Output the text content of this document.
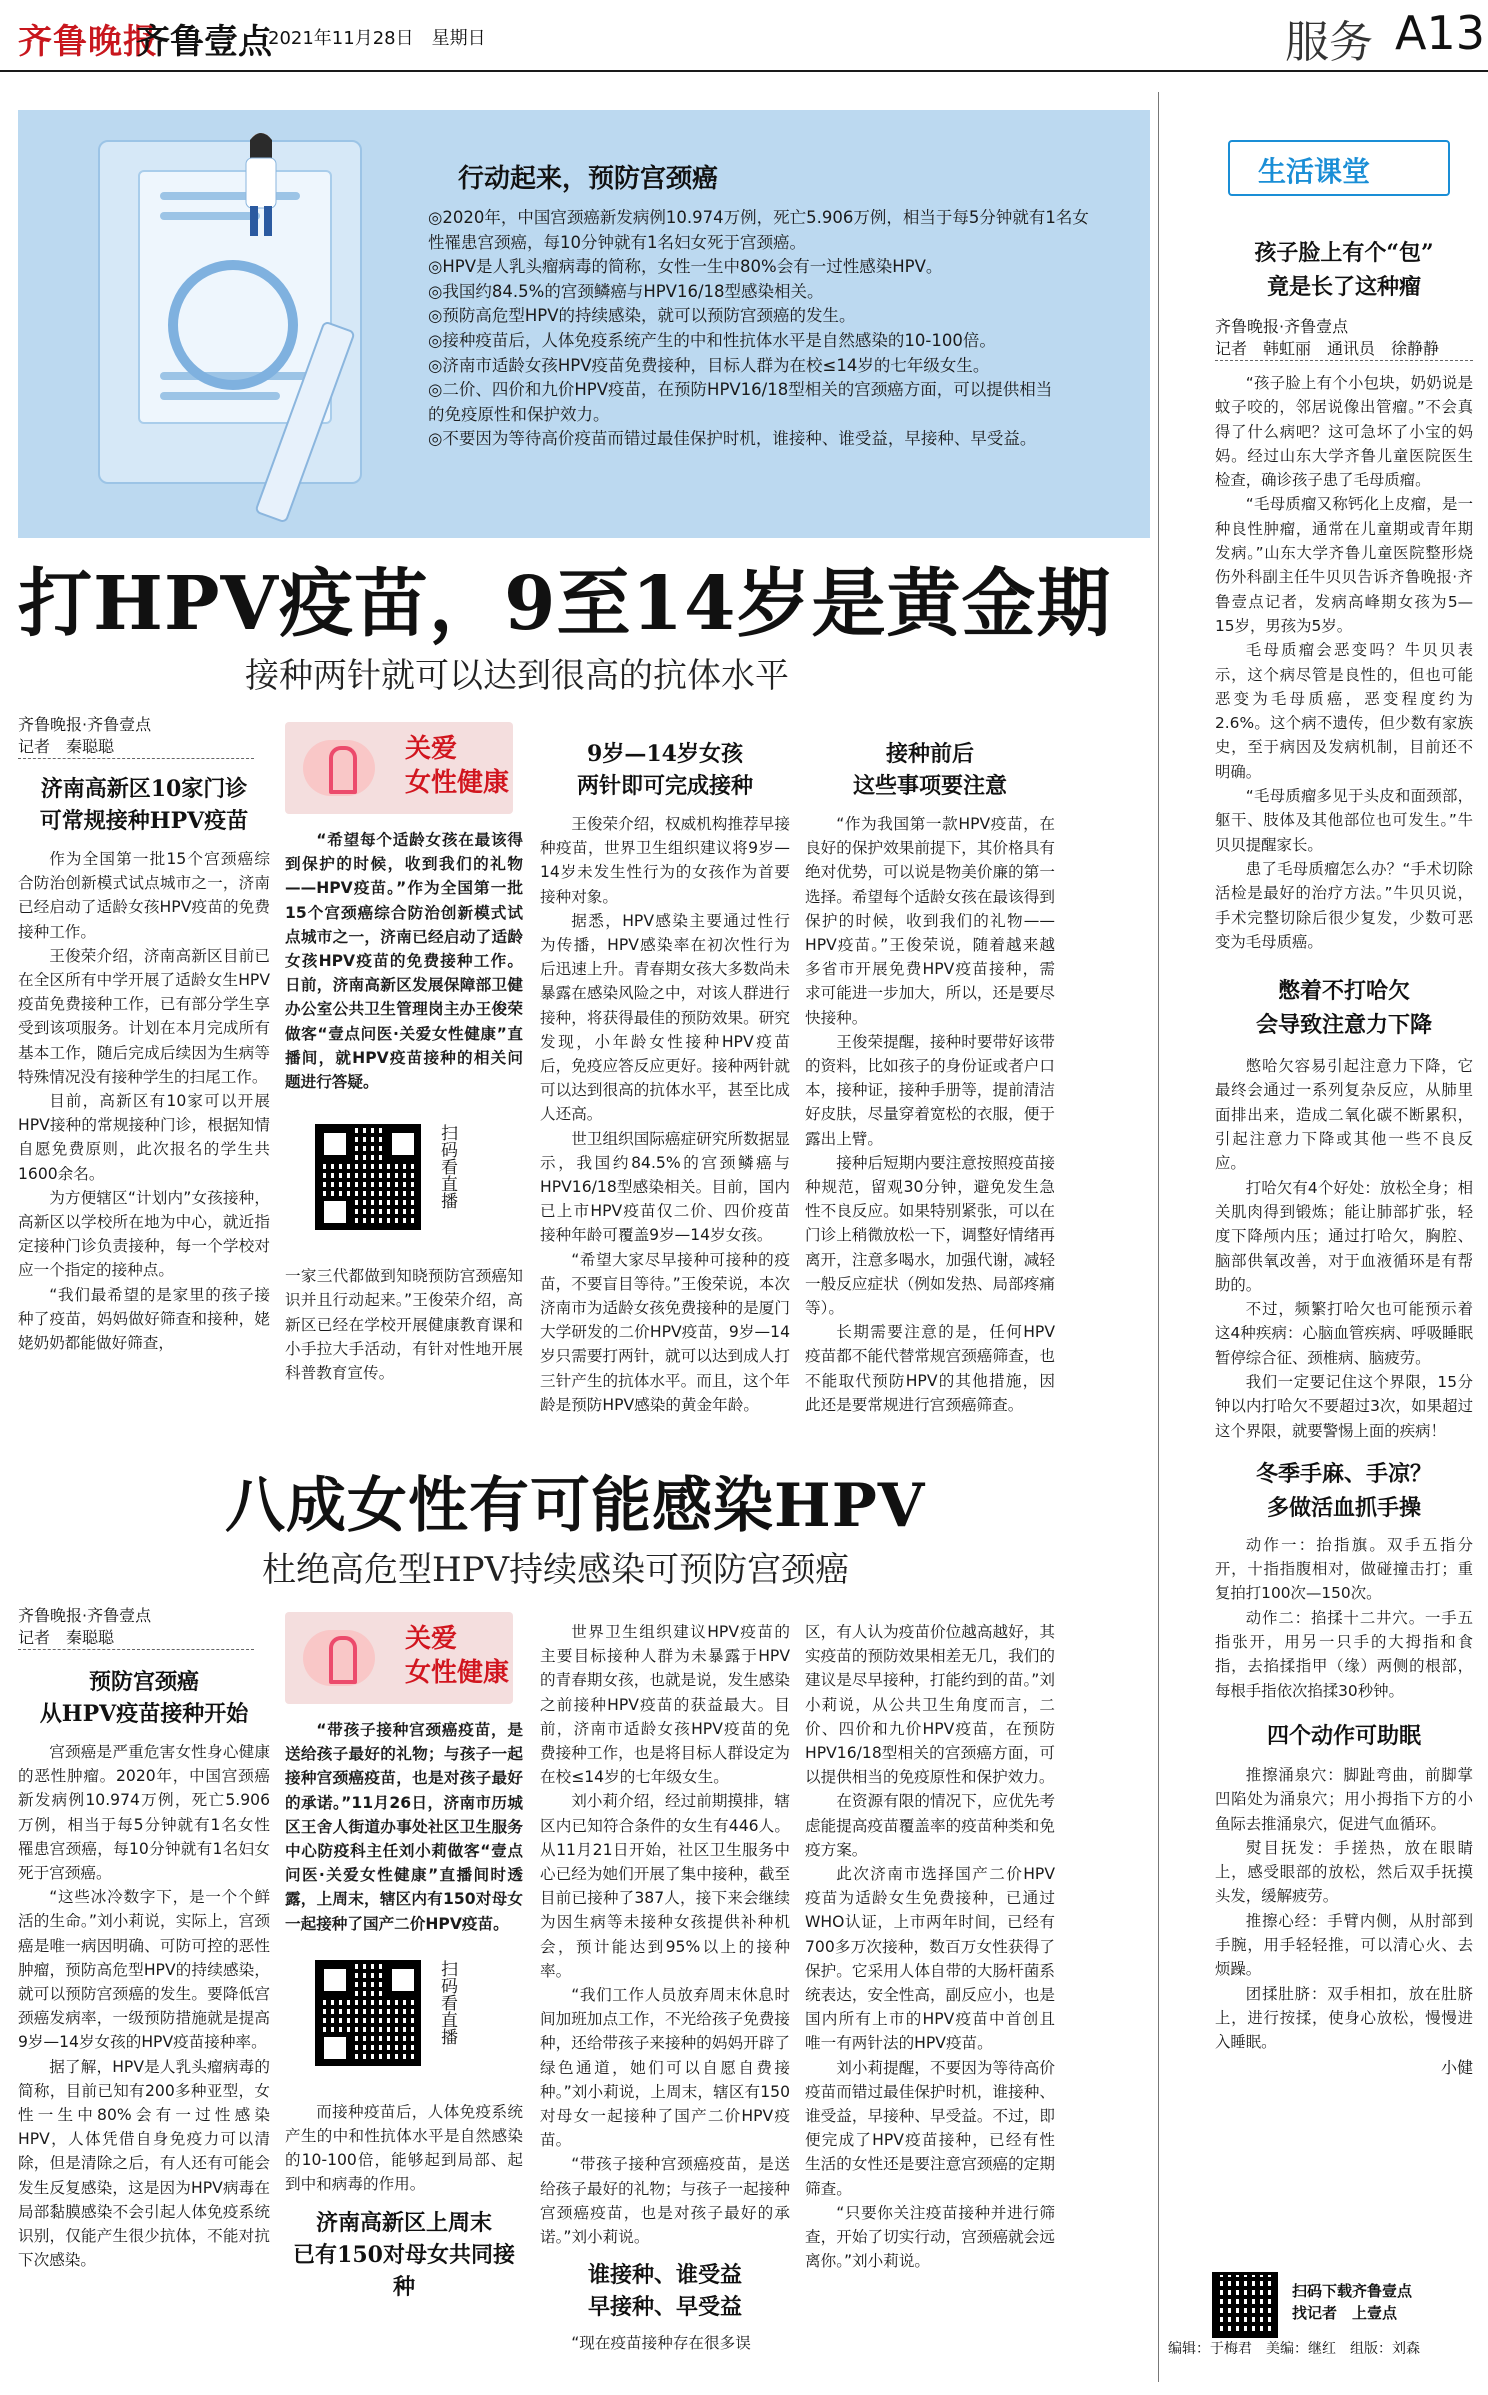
齐鲁晚报
齐鲁壹点
2021年11月28日　星期日	服务 A13
行动起来，预防宫颈癌
◎2020年，中国宫颈癌新发病例10.974万例，死亡5.906万例，相当于每5分钟就有1名女
性罹患宫颈癌，每10分钟就有1名妇女死于宫颈癌。
◎HPV是人乳头瘤病毒的简称，女性一生中80%会有一过性感染HPV。
◎我国约84.5%的宫颈鳞癌与HPV16/18型感染相关。
◎预防高危型HPV的持续感染，就可以预防宫颈癌的发生。
◎接种疫苗后，人体免疫系统产生的中和性抗体水平是自然感染的10-100倍。
◎济南市适龄女孩HPV疫苗免费接种，目标人群为在校≤14岁的七年级女生。
◎二价、四价和九价HPV疫苗，在预防HPV16/18型相关的宫颈癌方面，可以提供相当
的免疫原性和保护效力。
◎不要因为等待高价疫苗而错过最佳保护时机，谁接种、谁受益，早接种、早受益。
打HPV疫苗，9至14岁是黄金期
接种两针就可以达到很高的抗体水平
齐鲁晚报·齐鲁壹点
记者　秦聪聪
济南高新区10家门诊
可常规接种HPV疫苗
作为全国第一批15个宫颈癌综合防治创新模式试点城市之一，济南已经启动了适龄女孩HPV疫苗的免费接种工作。
王俊荣介绍，济南高新区目前已在全区所有中学开展了适龄女生HPV疫苗免费接种工作，已有部分学生享受到该项服务。计划在本月完成所有基本工作，随后完成后续因为生病等特殊情况没有接种学生的扫尾工作。
目前，高新区有10家可以开展HPV接种的常规接种门诊，根据知情自愿免费原则，此次报名的学生共1600余名。
为方便辖区“计划内”女孩接种，高新区以学校所在地为中心，就近指定接种门诊负责接种，每一个学校对应一个指定的接种点。
“我们最希望的是家里的孩子接种了疫苗，妈妈做好筛查和接种，姥姥奶奶都能做好筛查，
关爱
女性健康
“希望每个适龄女孩在最该得到保护的时候，收到我们的礼物——HPV疫苗。”作为全国第一批15个宫颈癌综合防治创新模式试点城市之一，济南已经启动了适龄女孩HPV疫苗的免费接种工作。日前，济南高新区发展保障部卫健办公室公共卫生管理岗主办王俊荣做客“壹点问医·关爱女性健康”直播间，就HPV疫苗接种的相关问题进行答疑。
扫码看直播
一家三代都做到知晓预防宫颈癌知识并且行动起来。”王俊荣介绍，高新区已经在学校开展健康教育课和小手拉大手活动，有针对性地开展科普教育宣传。
9岁—14岁女孩
两针即可完成接种
王俊荣介绍，权威机构推荐早接种疫苗，世界卫生组织建议将9岁—14岁未发生性行为的女孩作为首要接种对象。
据悉，HPV感染主要通过性行为传播，HPV感染率在初次性行为后迅速上升。青春期女孩大多数尚未暴露在感染风险之中，对该人群进行接种，将获得最佳的预防效果。研究发现，小年龄女性接种HPV疫苗后，免疫应答反应更好。接种两针就可以达到很高的抗体水平，甚至比成人还高。
世卫组织国际癌症研究所数据显示，我国约84.5%的宫颈鳞癌与HPV16/18型感染相关。目前，国内已上市HPV疫苗仅二价、四价疫苗接种年龄可覆盖9岁—14岁女孩。
“希望大家尽早接种可接种的疫苗，不要盲目等待。”王俊荣说，本次济南市为适龄女孩免费接种的是厦门大学研发的二价HPV疫苗，9岁—14岁只需要打两针，就可以达到成人打三针产生的抗体水平。而且，这个年龄是预防HPV感染的黄金年龄。
接种前后
这些事项要注意
“作为我国第一款HPV疫苗，在良好的保护效果前提下，其价格具有绝对优势，可以说是物美价廉的第一选择。希望每个适龄女孩在最该得到保护的时候，收到我们的礼物——HPV疫苗。”王俊荣说，随着越来越多省市开展免费HPV疫苗接种，需求可能进一步加大，所以，还是要尽快接种。
王俊荣提醒，接种时要带好该带的资料，比如孩子的身份证或者户口本，接种证，接种手册等，提前清洁好皮肤，尽量穿着宽松的衣服，便于露出上臂。
接种后短期内要注意按照疫苗接种规范，留观30分钟，避免发生急性不良反应。如果特别紧张，可以在门诊上稍微放松一下，调整好情绪再离开，注意多喝水，加强代谢，减轻一般反应症状（例如发热、局部疼痛等）。
长期需要注意的是，任何HPV疫苗都不能代替常规宫颈癌筛查，也不能取代预防HPV的其他措施，因此还是要常规进行宫颈癌筛查。
八成女性有可能感染HPV
杜绝高危型HPV持续感染可预防宫颈癌
齐鲁晚报·齐鲁壹点
记者　秦聪聪
预防宫颈癌
从HPV疫苗接种开始
宫颈癌是严重危害女性身心健康的恶性肿瘤。2020年，中国宫颈癌新发病例10.974万例，死亡5.906万例，相当于每5分钟就有1名女性罹患宫颈癌，每10分钟就有1名妇女死于宫颈癌。
“这些冰冷数字下，是一个个鲜活的生命。”刘小莉说，实际上，宫颈癌是唯一病因明确、可防可控的恶性肿瘤，预防高危型HPV的持续感染，就可以预防宫颈癌的发生。要降低宫颈癌发病率，一级预防措施就是提高9岁—14岁女孩的HPV疫苗接种率。
据了解，HPV是人乳头瘤病毒的简称，目前已知有200多种亚型，女性一生中80%会有一过性感染HPV，人体凭借自身免疫力可以清除，但是清除之后，有人还有可能会发生反复感染，这是因为HPV病毒在局部黏膜感染不会引起人体免疫系统识别，仅能产生很少抗体，不能对抗下次感染。
关爱
女性健康
“带孩子接种宫颈癌疫苗，是送给孩子最好的礼物；与孩子一起接种宫颈癌疫苗，也是对孩子最好的承诺。”11月26日，济南市历城区王舍人街道办事处社区卫生服务中心防疫科主任刘小莉做客“壹点问医·关爱女性健康”直播间时透露，上周末，辖区内有150对母女一起接种了国产二价HPV疫苗。
扫码看直播
而接种疫苗后，人体免疫系统产生的中和性抗体水平是自然感染的10-100倍，能够起到局部、起到中和病毒的作用。
济南高新区上周末
已有150对母女共同接种
世界卫生组织建议HPV疫苗的主要目标接种人群为未暴露于HPV的青春期女孩，也就是说，发生感染之前接种HPV疫苗的获益最大。目前，济南市适龄女孩HPV疫苗的免费接种工作，也是将目标人群设定为在校≤14岁的七年级女生。
刘小莉介绍，经过前期摸排，辖区内已知符合条件的女生有446人。从11月21日开始，社区卫生服务中心已经为她们开展了集中接种，截至目前已接种了387人，接下来会继续为因生病等未接种女孩提供补种机会，预计能达到95%以上的接种率。
“我们工作人员放弃周末休息时间加班加点工作，不光给孩子免费接种，还给带孩子来接种的妈妈开辟了绿色通道，她们可以自愿自费接种。”刘小莉说，上周末，辖区有150对母女一起接种了国产二价HPV疫苗。
“带孩子接种宫颈癌疫苗，是送给孩子最好的礼物；与孩子一起接种宫颈癌疫苗，也是对孩子最好的承诺。”刘小莉说。
谁接种、谁受益
早接种、早受益
“现在疫苗接种存在很多误
区，有人认为疫苗价位越高越好，其实疫苗的预防效果相差无几，我们的建议是尽早接种，打能约到的苗。”刘小莉说，从公共卫生角度而言，二价、四价和九价HPV疫苗，在预防HPV16/18型相关的宫颈癌方面，可以提供相当的免疫原性和保护效力。
在资源有限的情况下，应优先考虑能提高疫苗覆盖率的疫苗种类和免疫方案。
此次济南市选择国产二价HPV疫苗为适龄女生免费接种，已通过WHO认证，上市两年时间，已经有700多万次接种，数百万女性获得了保护。它采用人体自带的大肠杆菌系统表达，安全性高，副反应小，也是国内所有上市的HPV疫苗中首创且唯一有两针法的HPV疫苗。
刘小莉提醒，不要因为等待高价疫苗而错过最佳保护时机，谁接种、谁受益，早接种、早受益。不过，即便完成了HPV疫苗接种，已经有性生活的女性还是要注意宫颈癌的定期筛查。
“只要你关注疫苗接种并进行筛查，开始了切实行动，宫颈癌就会远离你。”刘小莉说。
生活课堂
孩子脸上有个“包”
竟是长了这种瘤
齐鲁晚报·齐鲁壹点
记者　韩虹丽　通讯员　徐静静
“孩子脸上有个小包块，奶奶说是蚊子咬的，邻居说像出管瘤。”不会真得了什么病吧？这可急坏了小宝的妈妈。经过山东大学齐鲁儿童医院医生检查，确诊孩子患了毛母质瘤。
“毛母质瘤又称钙化上皮瘤，是一种良性肿瘤，通常在儿童期或青年期发病。”山东大学齐鲁儿童医院整形烧伤外科副主任牛贝贝告诉齐鲁晚报·齐鲁壹点记者，发病高峰期女孩为5—15岁，男孩为5岁。
毛母质瘤会恶变吗？牛贝贝表示，这个病尽管是良性的，但也可能恶变为毛母质癌，恶变程度约为2.6%。这个病不遗传，但少数有家族史，至于病因及发病机制，目前还不明确。
“毛母质瘤多见于头皮和面颈部，躯干、肢体及其他部位也可发生。”牛贝贝提醒家长。
患了毛母质瘤怎么办？“手术切除活检是最好的治疗方法。”牛贝贝说，手术完整切除后很少复发，少数可恶变为毛母质癌。
憋着不打哈欠
会导致注意力下降
憋哈欠容易引起注意力下降，它最终会通过一系列复杂反应，从肺里面排出来，造成二氧化碳不断累积，引起注意力下降或其他一些不良反应。
打哈欠有4个好处：放松全身；相关肌肉得到锻炼；能让肺部扩张，轻度下降颅内压；通过打哈欠，胸腔、脑部供氧改善，对于血液循环是有帮助的。
不过，频繁打哈欠也可能预示着这4种疾病：心脑血管疾病、呼吸睡眠暂停综合征、颈椎病、脑疲劳。
我们一定要记住这个界限，15分钟以内打哈欠不要超过3次，如果超过这个界限，就要警惕上面的疾病！
冬季手麻、手凉？
多做活血抓手操
动作一：抬指旗。双手五指分开，十指指腹相对，做碰撞击打；重复拍打100次—150次。
动作二：掐揉十二井穴。一手五指张开，用另一只手的大拇指和食指，去掐揉指甲（缘）两侧的根部，每根手指依次掐揉30秒钟。
四个动作可助眠
推擦涌泉穴：脚趾弯曲，前脚掌凹陷处为涌泉穴；用小拇指下方的小鱼际去推涌泉穴，促进气血循环。
熨目抚发：手搓热，放在眼睛上，感受眼部的放松，然后双手抚摸头发，缓解疲劳。
推擦心经：手臂内侧，从肘部到手腕，用手轻轻推，可以清心火、去烦躁。
团揉肚脐：双手相扣，放在肚脐上，进行按揉，使身心放松，慢慢进入睡眠。
小健
扫码下载齐鲁壹点
找记者　上壹点
编辑：于梅君　美编：继红　组版：刘森
